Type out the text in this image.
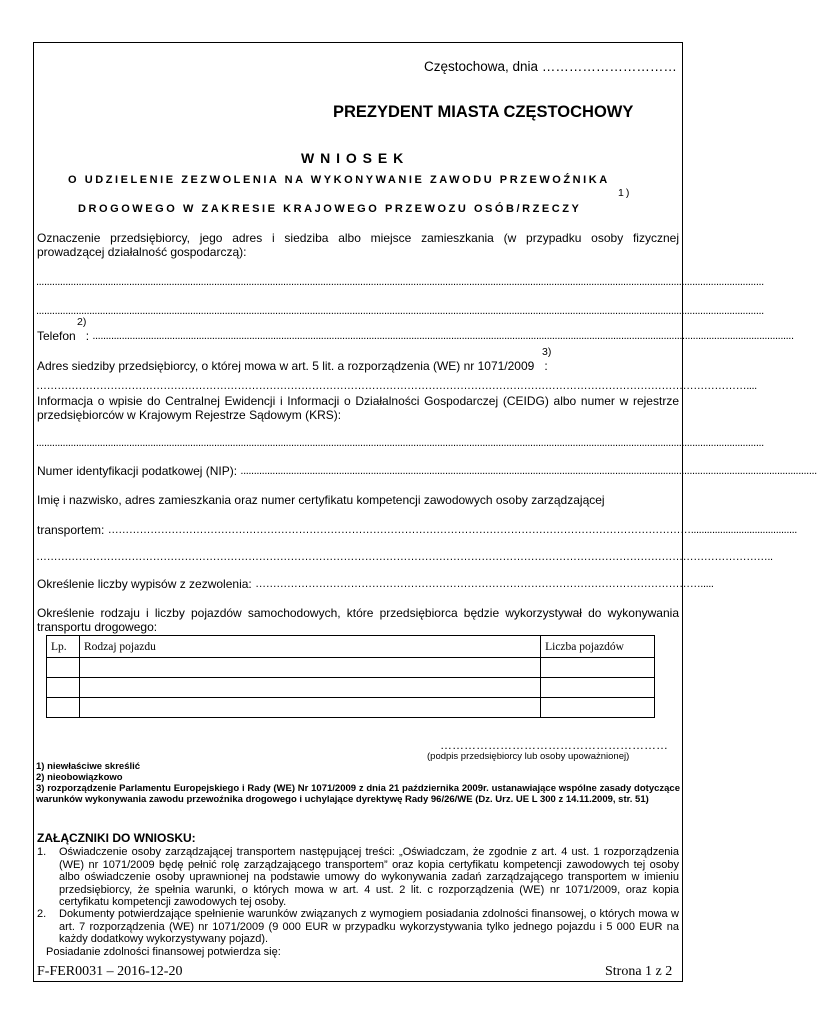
Częstochowa, dnia …………………………
PREZYDENT MIASTA CZĘSTOCHOWY
W N I O S E K
O UDZIELENIE ZEZWOLENIA NA WYKONYWANIE ZAWODU PRZEWOŹNIKA
1)
DROGOWEGO W ZAKRESIE KRAJOWEGO PRZEWOZU OSÓB/RZECZY
Oznaczenie przedsiębiorcy, jego adres i siedziba albo miejsce zamieszkania (w przypadku osoby fizycznej
prowadzącej działalność gospodarczą):
..................................................................................................................................................................................................................................................................................
..................................................................................................................................................................................................................................................................................
2)
Telefon : ........................................................................................................................................................................................................................................................................
3)
Adres siedziby przedsiębiorcy, o której mowa w art. 5 lit. a rozporządzenia (WE) nr 1071/2009   :
…………………………………………………………………………………………………………………………………………………………………………………....
Informacja o wpisie do Centralnej Ewidencji i Informacji o Działalności Gospodarczej (CEIDG) albo numer w rejestrze
przedsiębiorców w Krajowym Rejestrze Sądowym (KRS):
..................................................................................................................................................................................................................................................................................
Numer identyfikacji podatkowej (NIP):
.........................................................................................................................................................................................................................
Imię i nazwisko, adres zamieszkania oraz numer certyfikatu kompetencji zawodowych osoby zarządzającej
transportem:
…………………………………………………………………………………………………………………………………………………........................................
………………………………………………………………………………………………………………………………………………………………………………………..
Określenie liczby wypisów z zezwolenia:
……………………………………………………………………………………………………………….....
Określenie rodzaju i liczby pojazdów samochodowych, które przedsiębiorca będzie wykorzystywał do wykonywania
transportu drogowego:
Lp.	Rodzaj pojazdu	Liczba pojazdów

…………………………………………………
(podpis przedsiębiorcy lub osoby upoważnionej)
1) niewłaściwe skreślić
2) nieobowiązkowo
3) rozporządzenie Parlamentu Europejskiego i Rady (WE) Nr 1071/2009 z dnia 21 października 2009r. ustanawiające wspólne zasady dotyczące warunków wykonywania zawodu przewoźnika drogowego i uchylające dyrektywę Rady 96/26/WE (Dz. Urz. UE L 300 z 14.11.2009, str. 51)
ZAŁĄCZNIKI DO WNIOSKU:
1. Oświadczenie osoby zarządzającej transportem następującej treści: „Oświadczam, że zgodnie z art. 4 ust. 1 rozporządzenia (WE) nr 1071/2009 będę pełnić rolę zarządzającego transportem” oraz kopia certyfikatu kompetencji zawodowych tej osoby albo oświadczenie osoby uprawnionej na podstawie umowy do wykonywania zadań zarządzającego transportem w imieniu przedsiębiorcy, że spełnia warunki, o których mowa w art. 4 ust. 2 lit. c rozporządzenia (WE) nr 1071/2009, oraz kopia certyfikatu kompetencji zawodowych tej osoby.
2. Dokumenty potwierdzające spełnienie warunków związanych z wymogiem posiadania zdolności finansowej, o których mowa w art. 7 rozporządzenia (WE) nr 1071/2009 (9 000 EUR w przypadku wykorzystywania tylko jednego pojazdu i 5 000 EUR na każdy dodatkowy wykorzystywany pojazd).
Posiadanie zdolności finansowej potwierdza się:
F-FER0031 – 2016-12-20	Strona 1 z 2
